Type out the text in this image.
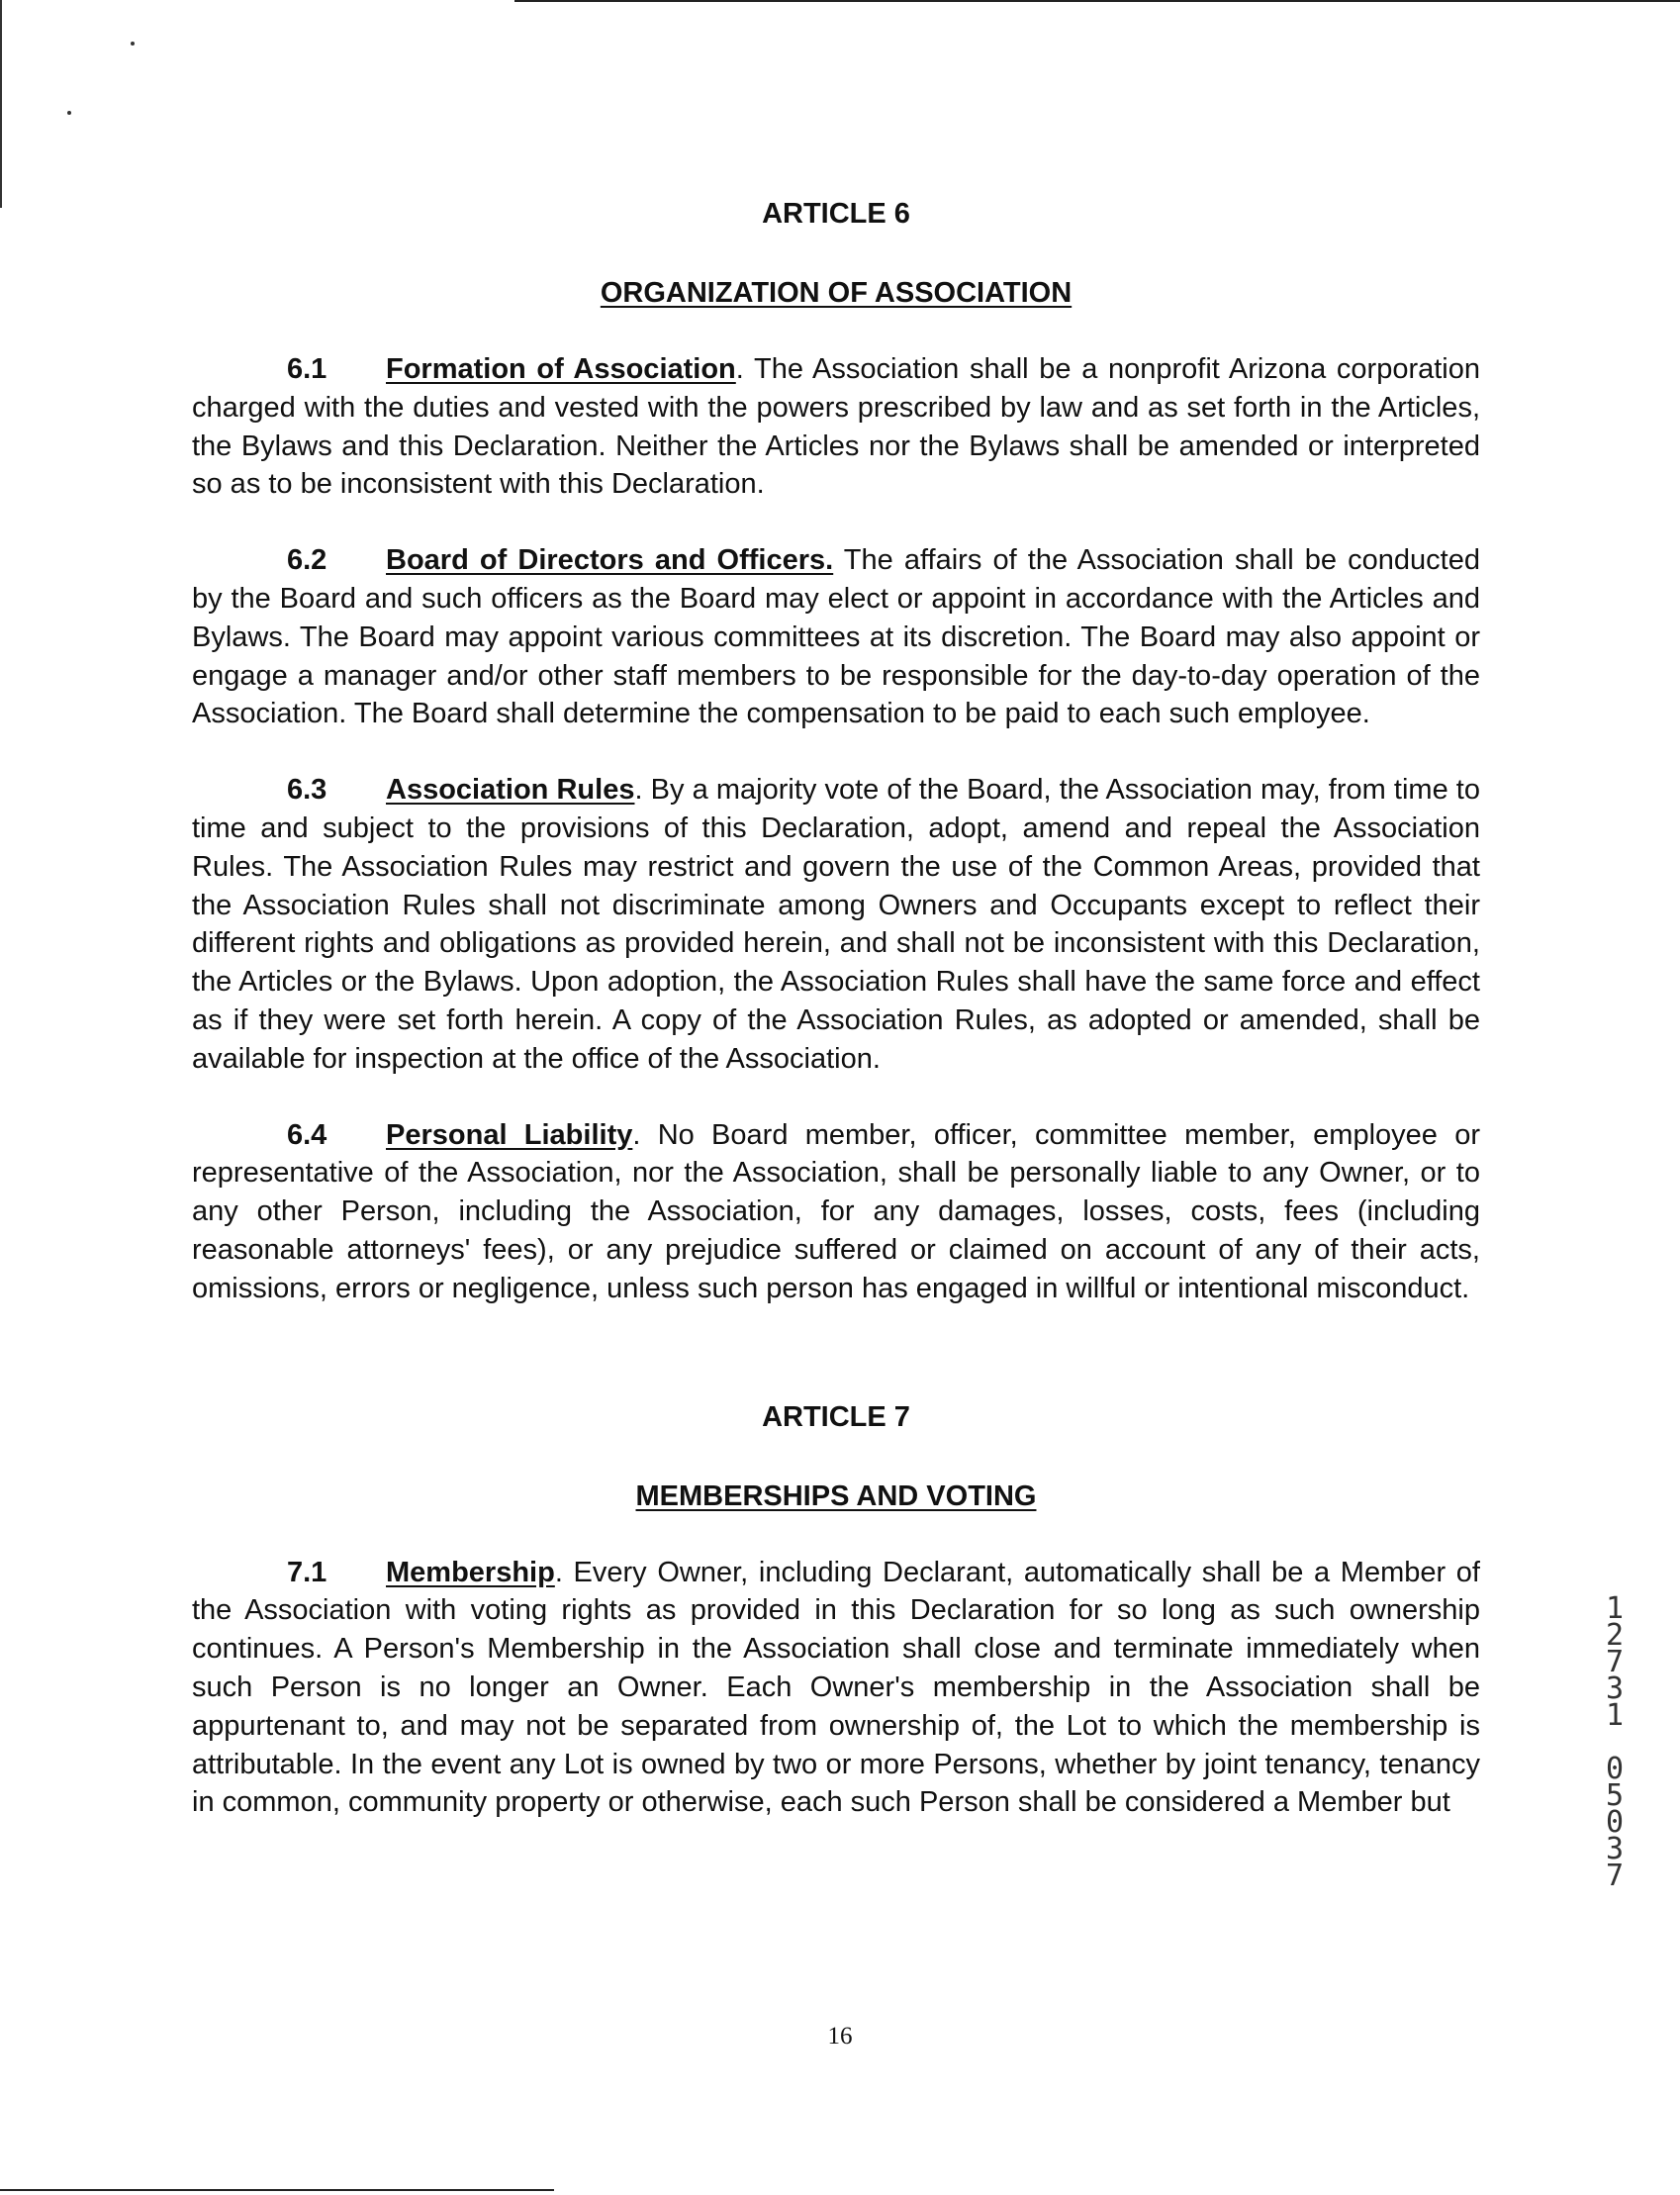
ARTICLE 6

ORGANIZATION OF ASSOCIATION

6.1 Formation of Association. The Association shall be a nonprofit Arizona corporation charged with the duties and vested with the powers prescribed by law and as set forth in the Articles, the Bylaws and this Declaration. Neither the Articles nor the Bylaws shall be amended or interpreted so as to be inconsistent with this Declaration.

6.2 Board of Directors and Officers. The affairs of the Association shall be conducted by the Board and such officers as the Board may elect or appoint in accordance with the Articles and Bylaws. The Board may appoint various committees at its discretion. The Board may also appoint or engage a manager and/or other staff members to be responsible for the day-to-day operation of the Association. The Board shall determine the compensation to be paid to each such employee.

6.3 Association Rules. By a majority vote of the Board, the Association may, from time to time and subject to the provisions of this Declaration, adopt, amend and repeal the Association Rules. The Association Rules may restrict and govern the use of the Common Areas, provided that the Association Rules shall not discriminate among Owners and Occupants except to reflect their different rights and obligations as provided herein, and shall not be inconsistent with this Declaration, the Articles or the Bylaws. Upon adoption, the Association Rules shall have the same force and effect as if they were set forth herein. A copy of the Association Rules, as adopted or amended, shall be available for inspection at the office of the Association.

6.4 Personal Liability. No Board member, officer, committee member, employee or representative of the Association, nor the Association, shall be personally liable to any Owner, or to any other Person, including the Association, for any damages, losses, costs, fees (including reasonable attorneys' fees), or any prejudice suffered or claimed on account of any of their acts, omissions, errors or negligence, unless such person has engaged in willful or intentional misconduct.

ARTICLE 7

MEMBERSHIPS AND VOTING

7.1 Membership. Every Owner, including Declarant, automatically shall be a Member of the Association with voting rights as provided in this Declaration for so long as such ownership continues. A Person's Membership in the Association shall close and terminate immediately when such Person is no longer an Owner. Each Owner's membership in the Association shall be appurtenant to, and may not be separated from ownership of, the Lot to which the membership is attributable. In the event any Lot is owned by two or more Persons, whether by joint tenancy, tenancy in common, community property or otherwise, each such Person shall be considered a Member but

1
2
7
3
1

0
5
0
3
7
16
